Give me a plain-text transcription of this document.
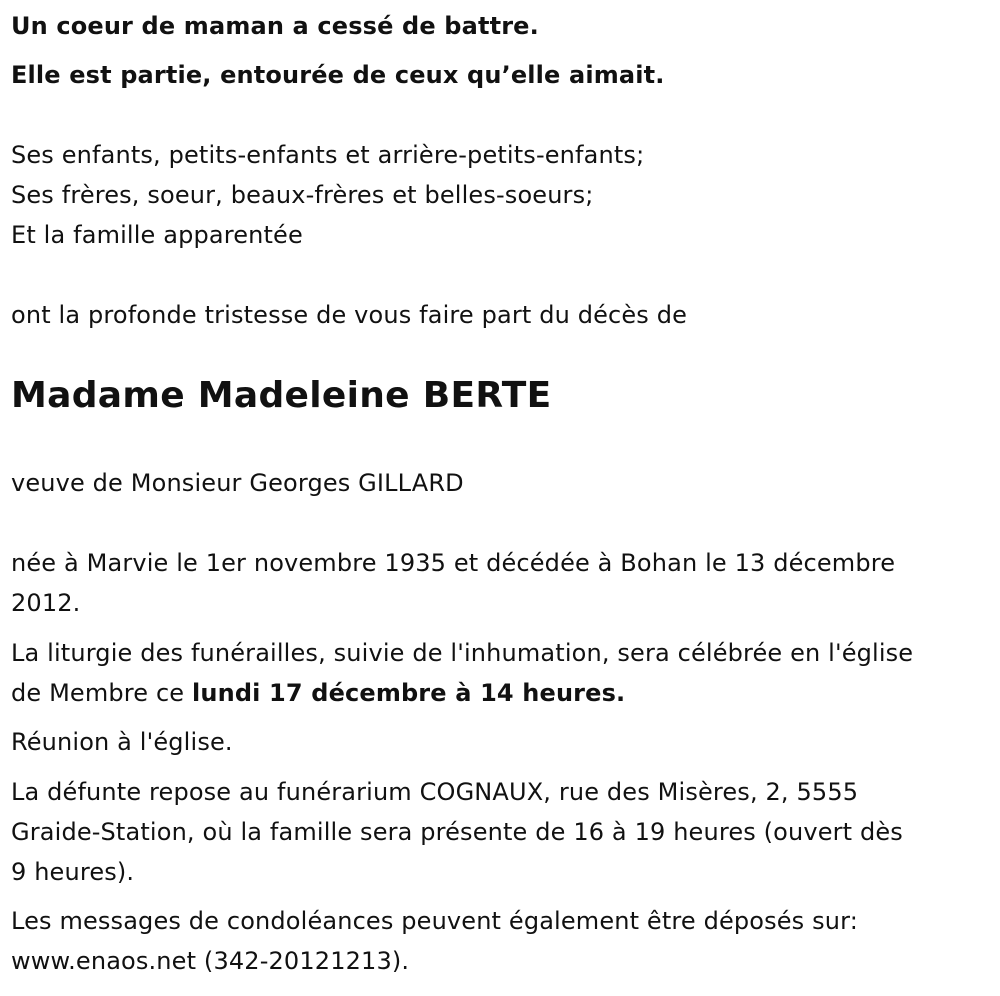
Un coeur de maman a cessé de battre.
Elle est partie, entourée de ceux qu’elle aimait.
Ses enfants, petits-enfants et arrière-petits-enfants;
Ses frères, soeur, beaux-frères et belles-soeurs;
Et la famille apparentée
ont la profonde tristesse de vous faire part du décès de
Madame Madeleine BERTE
veuve de Monsieur Georges GILLARD
née à Marvie le 1er novembre 1935 et décédée à Bohan le 13 décembre
2012.
La liturgie des funérailles, suivie de l'inhumation, sera célébrée en l'église
de Membre ce lundi 17 décembre à 14 heures.
Réunion à l'église.
La défunte repose au funérarium COGNAUX, rue des Misères, 2, 5555
Graide-Station, où la famille sera présente de 16 à 19 heures (ouvert dès
9 heures).
Les messages de condoléances peuvent également être déposés sur:
www.enaos.net (342-20121213).
